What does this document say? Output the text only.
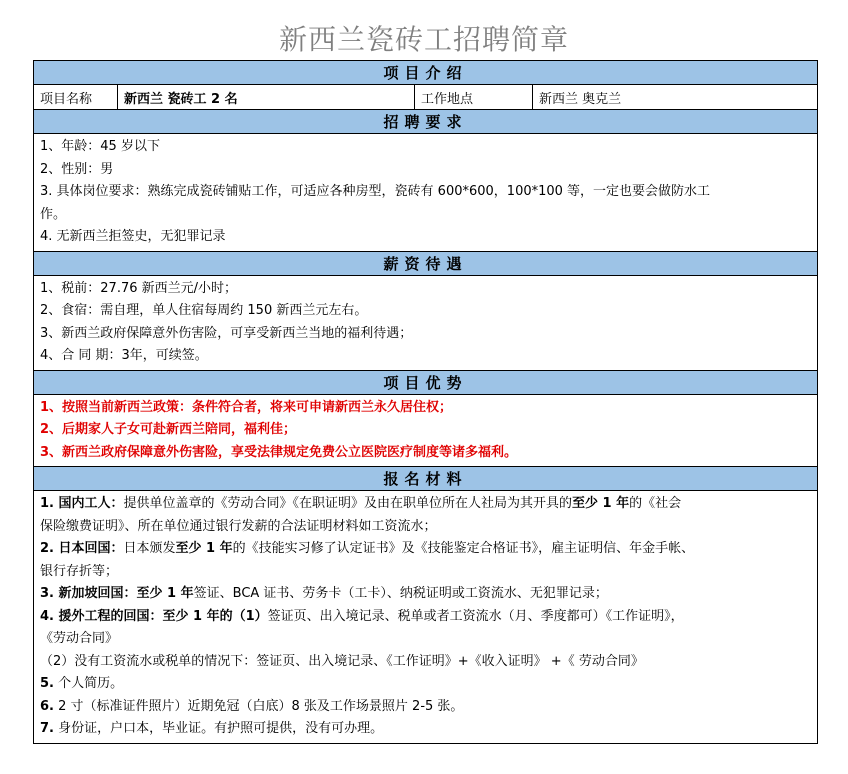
新西兰瓷砖工招聘简章
项目介绍
项目名称	新西兰 瓷砖工 2 名	工作地点	新西兰 奥克兰
招聘要求
1、年龄：45 岁以下
2、性别：男
3. 具体岗位要求：熟练完成瓷砖铺贴工作，可适应各种房型，瓷砖有 600*600，100*100 等，一定也要会做防水工
作。
4. 无新西兰拒签史，无犯罪记录
薪资待遇
1、税前：27.76 新西兰元/小时；
2、食宿：需自理，单人住宿每周约 150 新西兰元左右。
3、新西兰政府保障意外伤害险，可享受新西兰当地的福利待遇；
4、合 同 期：3年，可续签。
项目优势
1、按照当前新西兰政策：条件符合者，将来可申请新西兰永久居住权；
2、后期家人子女可赴新西兰陪同，福利佳；
3、新西兰政府保障意外伤害险，享受法律规定免费公立医院医疗制度等诸多福利。
报名材料
1. 国内工人：提供单位盖章的《劳动合同》《在职证明》及由在职单位所在人社局为其开具的至少 1 年的《社会
保险缴费证明》、所在单位通过银行发薪的合法证明材料如工资流水；
2. 日本回国：日本颁发至少 1 年的《技能实习修了认定证书》及《技能鉴定合格证书》，雇主证明信、年金手帐、
银行存折等；
3. 新加坡回国：至少 1 年签证、BCA 证书、劳务卡（工卡）、纳税证明或工资流水、无犯罪记录；
4. 援外工程的回国：至少 1 年的（1）签证页、出入境记录、税单或者工资流水（月、季度都可）《工作证明》，
《劳动合同》
（2）没有工资流水或税单的情况下：签证页、出入境记录、《工作证明》+《收入证明》 +《 劳动合同》
5. 个人简历。
6. 2 寸（标准证件照片）近期免冠（白底）8 张及工作场景照片 2-5 张。
7. 身份证，户口本，毕业证。有护照可提供，没有可办理。
